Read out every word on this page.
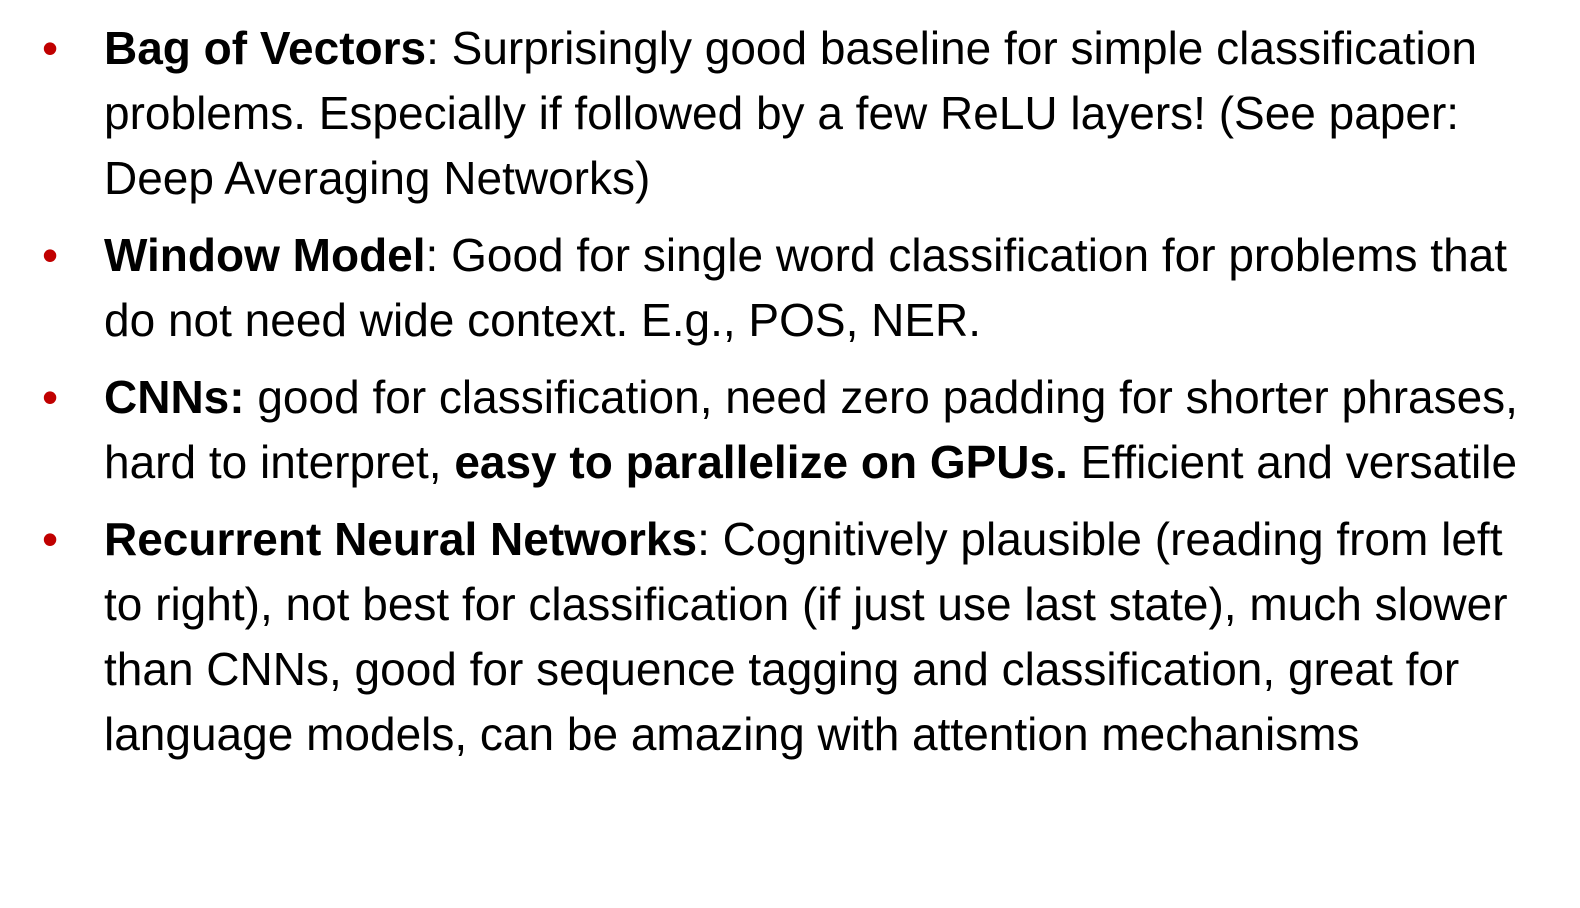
• Bag of Vectors: Surprisingly good baseline for simple classification problems. Especially if followed by a few ReLU layers! (See paper: Deep Averaging Networks)
• Window Model: Good for single word classification for problems that do not need wide context. E.g., POS, NER.
• CNNs: good for classification, need zero padding for shorter phrases, hard to interpret, easy to parallelize on GPUs. Efficient and versatile
• Recurrent Neural Networks: Cognitively plausible (reading from left to right), not best for classification (if just use last state), much slower than CNNs, good for sequence tagging and classification, great for language models, can be amazing with attention mechanisms
